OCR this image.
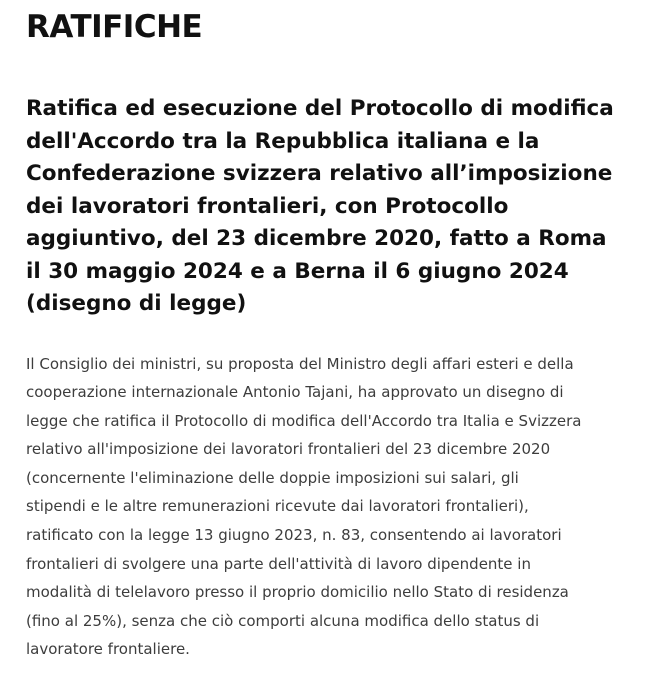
RATIFICHE
Ratifica ed esecuzione del Protocollo di modifica
dell'Accordo tra la Repubblica italiana e la
Confederazione svizzera relativo all’imposizione
dei lavoratori frontalieri, con Protocollo
aggiuntivo, del 23 dicembre 2020, fatto a Roma
il 30 maggio 2024 e a Berna il 6 giugno 2024
(disegno di legge)

Il Consiglio dei ministri, su proposta del Ministro degli affari esteri e della
cooperazione internazionale Antonio Tajani, ha approvato un disegno di
legge che ratifica il Protocollo di modifica dell'Accordo tra Italia e Svizzera
relativo all'imposizione dei lavoratori frontalieri del 23 dicembre 2020
(concernente l'eliminazione delle doppie imposizioni sui salari, gli
stipendi e le altre remunerazioni ricevute dai lavoratori frontalieri),
ratificato con la legge 13 giugno 2023, n. 83, consentendo ai lavoratori
frontalieri di svolgere una parte dell'attività di lavoro dipendente in
modalità di telelavoro presso il proprio domicilio nello Stato di residenza
(fino al 25%), senza che ciò comporti alcuna modifica dello status di
lavoratore frontaliere.
